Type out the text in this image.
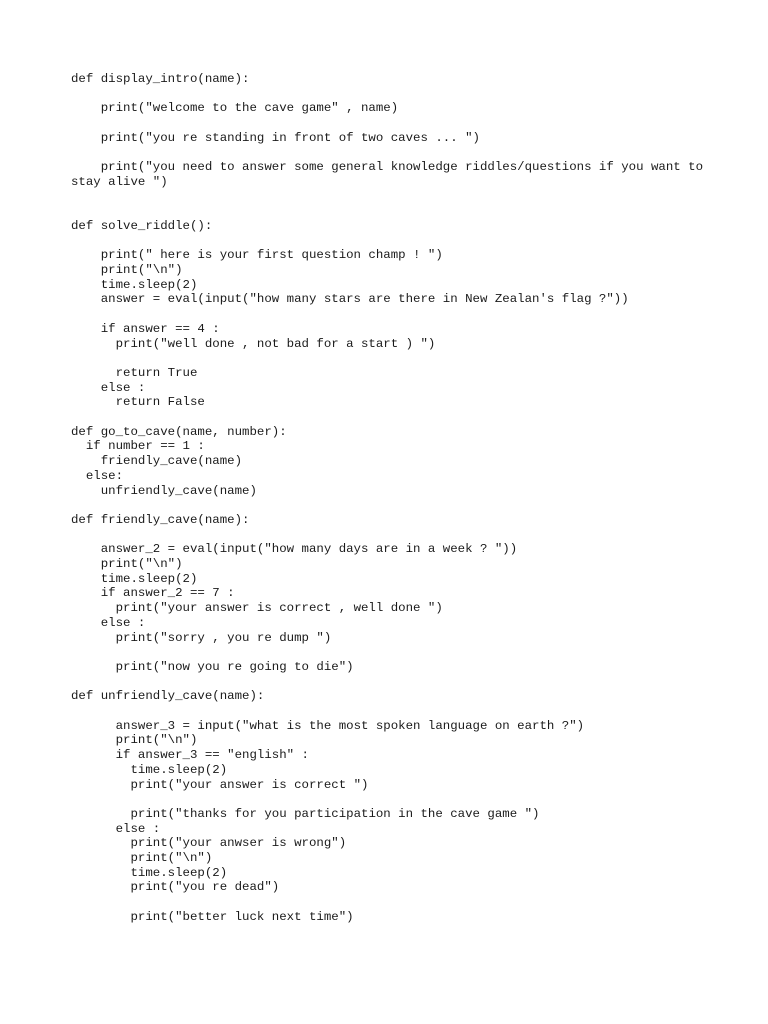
def display_intro(name):
print("welcome to the cave game" , name)
print("you re standing in front of two caves ... ")
print("you need to answer some general knowledge riddles/questions if you want to stay alive ")
def solve_riddle():
print(" here is your first question champ ! ")
print("\n")
time.sleep(2)
answer = eval(input("how many stars are there in New Zealan's flag ?"))
if answer == 4 :
print("well done , not bad for a start ) ")
return True
else :
return False
def go_to_cave(name, number):
if number == 1 :
friendly_cave(name)
else:
unfriendly_cave(name)
def friendly_cave(name):
answer_2 = eval(input("how many days are in a week ? "))
print("\n")
time.sleep(2)
if answer_2 == 7 :
print("your answer is correct , well done ")
else :
print("sorry , you re dump ")
print("now you re going to die")
def unfriendly_cave(name):
answer_3 = input("what is the most spoken language on earth ?")
print("\n")
if answer_3 == "english" :
time.sleep(2)
print("your answer is correct ")
print("thanks for you participation in the cave game ")
else :
print("your anwser is wrong")
print("\n")
time.sleep(2)
print("you re dead")
print("better luck next time")
